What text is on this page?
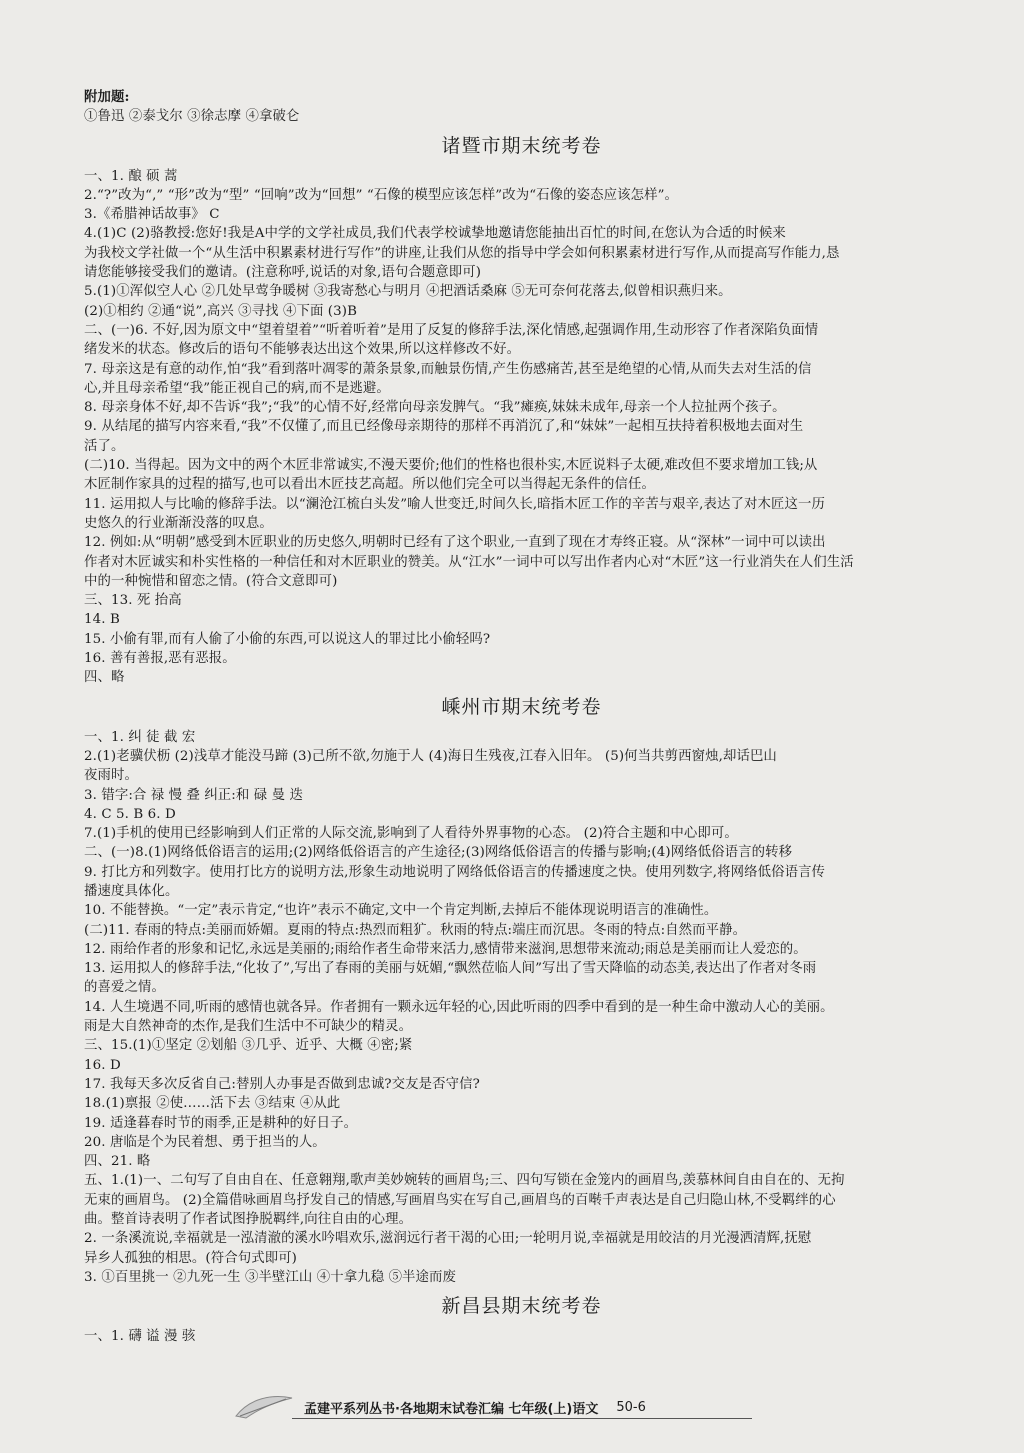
附加题:
①鲁迅 ②泰戈尔 ③徐志摩 ④拿破仑
诸暨市期末统考卷
一、1. 酿 硕 蒿
2.“?”改为“,” “形”改为“型” “回响”改为“回想” “石像的模型应该怎样”改为“石像的姿态应该怎样”。
3.《希腊神话故事》 C
4.(1)C (2)骆教授:您好!我是A中学的文学社成员,我们代表学校诚挚地邀请您能抽出百忙的时间,在您认为合适的时候来
为我校文学社做一个“从生活中积累素材进行写作”的讲座,让我们从您的指导中学会如何积累素材进行写作,从而提高写作能力,恳
请您能够接受我们的邀请。(注意称呼,说话的对象,语句合题意即可)
5.(1)①浑似空人心 ②几处早莺争暖树 ③我寄愁心与明月 ④把酒话桑麻 ⑤无可奈何花落去,似曾相识燕归来。
(2)①相约 ②通“说”,高兴 ③寻找 ④下面 (3)B
二、(一)6. 不好,因为原文中“望着望着”“听着听着”是用了反复的修辞手法,深化情感,起强调作用,生动形容了作者深陷负面情
绪发米的状态。修改后的语句不能够表达出这个效果,所以这样修改不好。
7. 母亲这是有意的动作,怕“我”看到落叶凋零的萧条景象,而触景伤情,产生伤感痛苦,甚至是绝望的心情,从而失去对生活的信
心,并且母亲希望“我”能正视自己的病,而不是逃避。
8. 母亲身体不好,却不告诉“我”;“我”的心情不好,经常向母亲发脾气。“我”瘫痪,妹妹未成年,母亲一个人拉扯两个孩子。
9. 从结尾的描写内容来看,“我”不仅懂了,而且已经像母亲期待的那样不再消沉了,和“妹妹”一起相互扶持着积极地去面对生
活了。
(二)10. 当得起。因为文中的两个木匠非常诚实,不漫天要价;他们的性格也很朴实,木匠说料子太硬,难改但不要求增加工钱;从
木匠制作家具的过程的描写,也可以看出木匠技艺高超。所以他们完全可以当得起无条件的信任。
11. 运用拟人与比喻的修辞手法。以“澜沧江梳白头发”喻人世变迁,时间久长,暗指木匠工作的辛苦与艰辛,表达了对木匠这一历
史悠久的行业渐渐没落的叹息。
12. 例如:从“明朝”感受到木匠职业的历史悠久,明朝时已经有了这个职业,一直到了现在才寿终正寝。从“深林”一词中可以读出
作者对木匠诚实和朴实性格的一种信任和对木匠职业的赞美。从“江水”一词中可以写出作者内心对“木匠”这一行业消失在人们生活
中的一种惋惜和留恋之情。(符合文意即可)
三、13. 死 抬高
14. B
15. 小偷有罪,而有人偷了小偷的东西,可以说这人的罪过比小偷轻吗?
16. 善有善报,恶有恶报。
四、略
嵊州市期末统考卷
一、1. 纠 徒 截 宏
2.(1)老骥伏枥 (2)浅草才能没马蹄 (3)己所不欲,勿施于人 (4)海日生残夜,江春入旧年。 (5)何当共剪西窗烛,却话巴山
夜雨时。
3. 错字:合 禄 慢 叠 纠正:和 碌 曼 迭
4. C 5. B 6. D
7.(1)手机的使用已经影响到人们正常的人际交流,影响到了人看待外界事物的心态。 (2)符合主题和中心即可。
二、(一)8.(1)网络低俗语言的运用;(2)网络低俗语言的产生途径;(3)网络低俗语言的传播与影响;(4)网络低俗语言的转移
9. 打比方和列数字。使用打比方的说明方法,形象生动地说明了网络低俗语言的传播速度之快。使用列数字,将网络低俗语言传
播速度具体化。
10. 不能替换。“一定”表示肯定,“也许”表示不确定,文中一个肯定判断,去掉后不能体现说明语言的准确性。
(二)11. 春雨的特点:美丽而娇媚。夏雨的特点:热烈而粗犷。秋雨的特点:端庄而沉思。冬雨的特点:自然而平静。
12. 雨给作者的形象和记忆,永远是美丽的;雨给作者生命带来活力,感情带来滋润,思想带来流动;雨总是美丽而让人爱恋的。
13. 运用拟人的修辞手法,“化妆了”,写出了春雨的美丽与妩媚,“飘然莅临人间”写出了雪天降临的动态美,表达出了作者对冬雨
的喜爱之情。
14. 人生境遇不同,听雨的感情也就各异。作者拥有一颗永远年轻的心,因此听雨的四季中看到的是一种生命中激动人心的美丽。
雨是大自然神奇的杰作,是我们生活中不可缺少的精灵。
三、15.(1)①坚定 ②划船 ③几乎、近乎、大概 ④密;紧
16. D
17. 我每天多次反省自己:替别人办事是否做到忠诚?交友是否守信?
18.(1)禀报 ②使……活下去 ③结束 ④从此
19. 适逢暮春时节的雨季,正是耕种的好日子。
20. 唐临是个为民着想、勇于担当的人。
四、21. 略
五、1.(1)一、二句写了自由自在、任意翱翔,歌声美妙婉转的画眉鸟;三、四句写锁在金笼内的画眉鸟,羡慕林间自由自在的、无拘
无束的画眉鸟。 (2)全篇借咏画眉鸟抒发自己的情感,写画眉鸟实在写自己,画眉鸟的百啭千声表达是自己归隐山林,不受羁绊的心
曲。整首诗表明了作者试图挣脱羁绊,向往自由的心理。
2. 一条溪流说,幸福就是一泓清澈的溪水吟唱欢乐,滋润远行者干渴的心田;一轮明月说,幸福就是用皎洁的月光漫洒清辉,抚慰
异乡人孤独的相思。(符合句式即可)
3. ①百里挑一 ②九死一生 ③半壁江山 ④十拿九稳 ⑤半途而废
新昌县期末统考卷
一、1. 礴 谥 漫 骇
孟建平系列丛书·各地期末试卷汇编 七年级(上)语文 50-6
